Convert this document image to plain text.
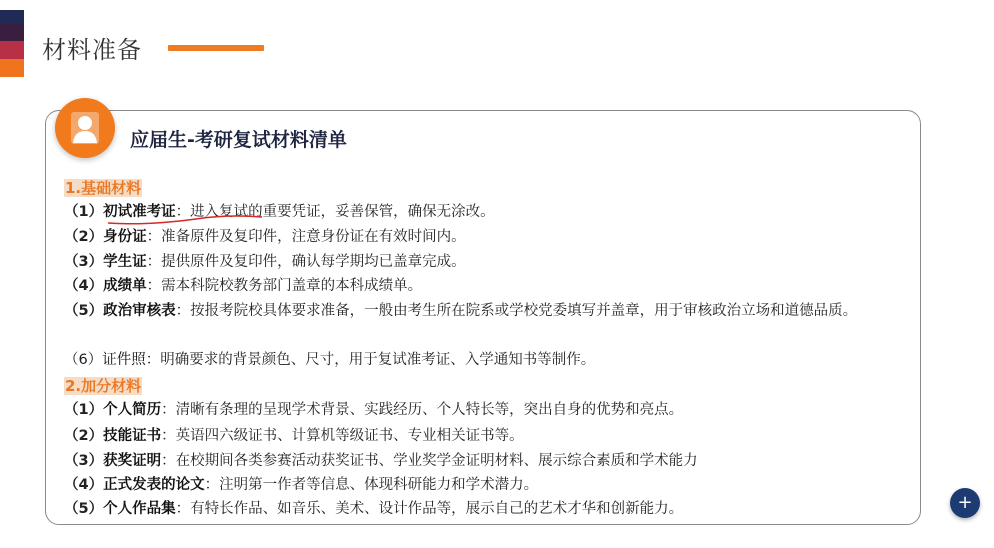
材料准备
应届生-考研复试材料清单
1.基础材料
（1）初试准考证：进入复试的重要凭证，妥善保管，确保无涂改。
（2）身份证：准备原件及复印件，注意身份证在有效时间内。
（3）学生证：提供原件及复印件，确认每学期均已盖章完成。
（4）成绩单：需本科院校教务部门盖章的本科成绩单。
（5）政治审核表：按报考院校具体要求准备，一般由考生所在院系或学校党委填写并盖章，用于审核政治立场和道德品质。
（6）证件照：明确要求的背景颜色、尺寸，用于复试准考证、入学通知书等制作。
2.加分材料
（1）个人简历：清晰有条理的呈现学术背景、实践经历、个人特长等，突出自身的优势和亮点。
（2）技能证书：英语四六级证书、计算机等级证书、专业相关证书等。
（3）获奖证明：在校期间各类参赛活动获奖证书、学业奖学金证明材料、展示综合素质和学术能力
（4）正式发表的论文：注明第一作者等信息、体现科研能力和学术潜力。
（5）个人作品集：有特长作品、如音乐、美术、设计作品等，展示自己的艺术才华和创新能力。	+
